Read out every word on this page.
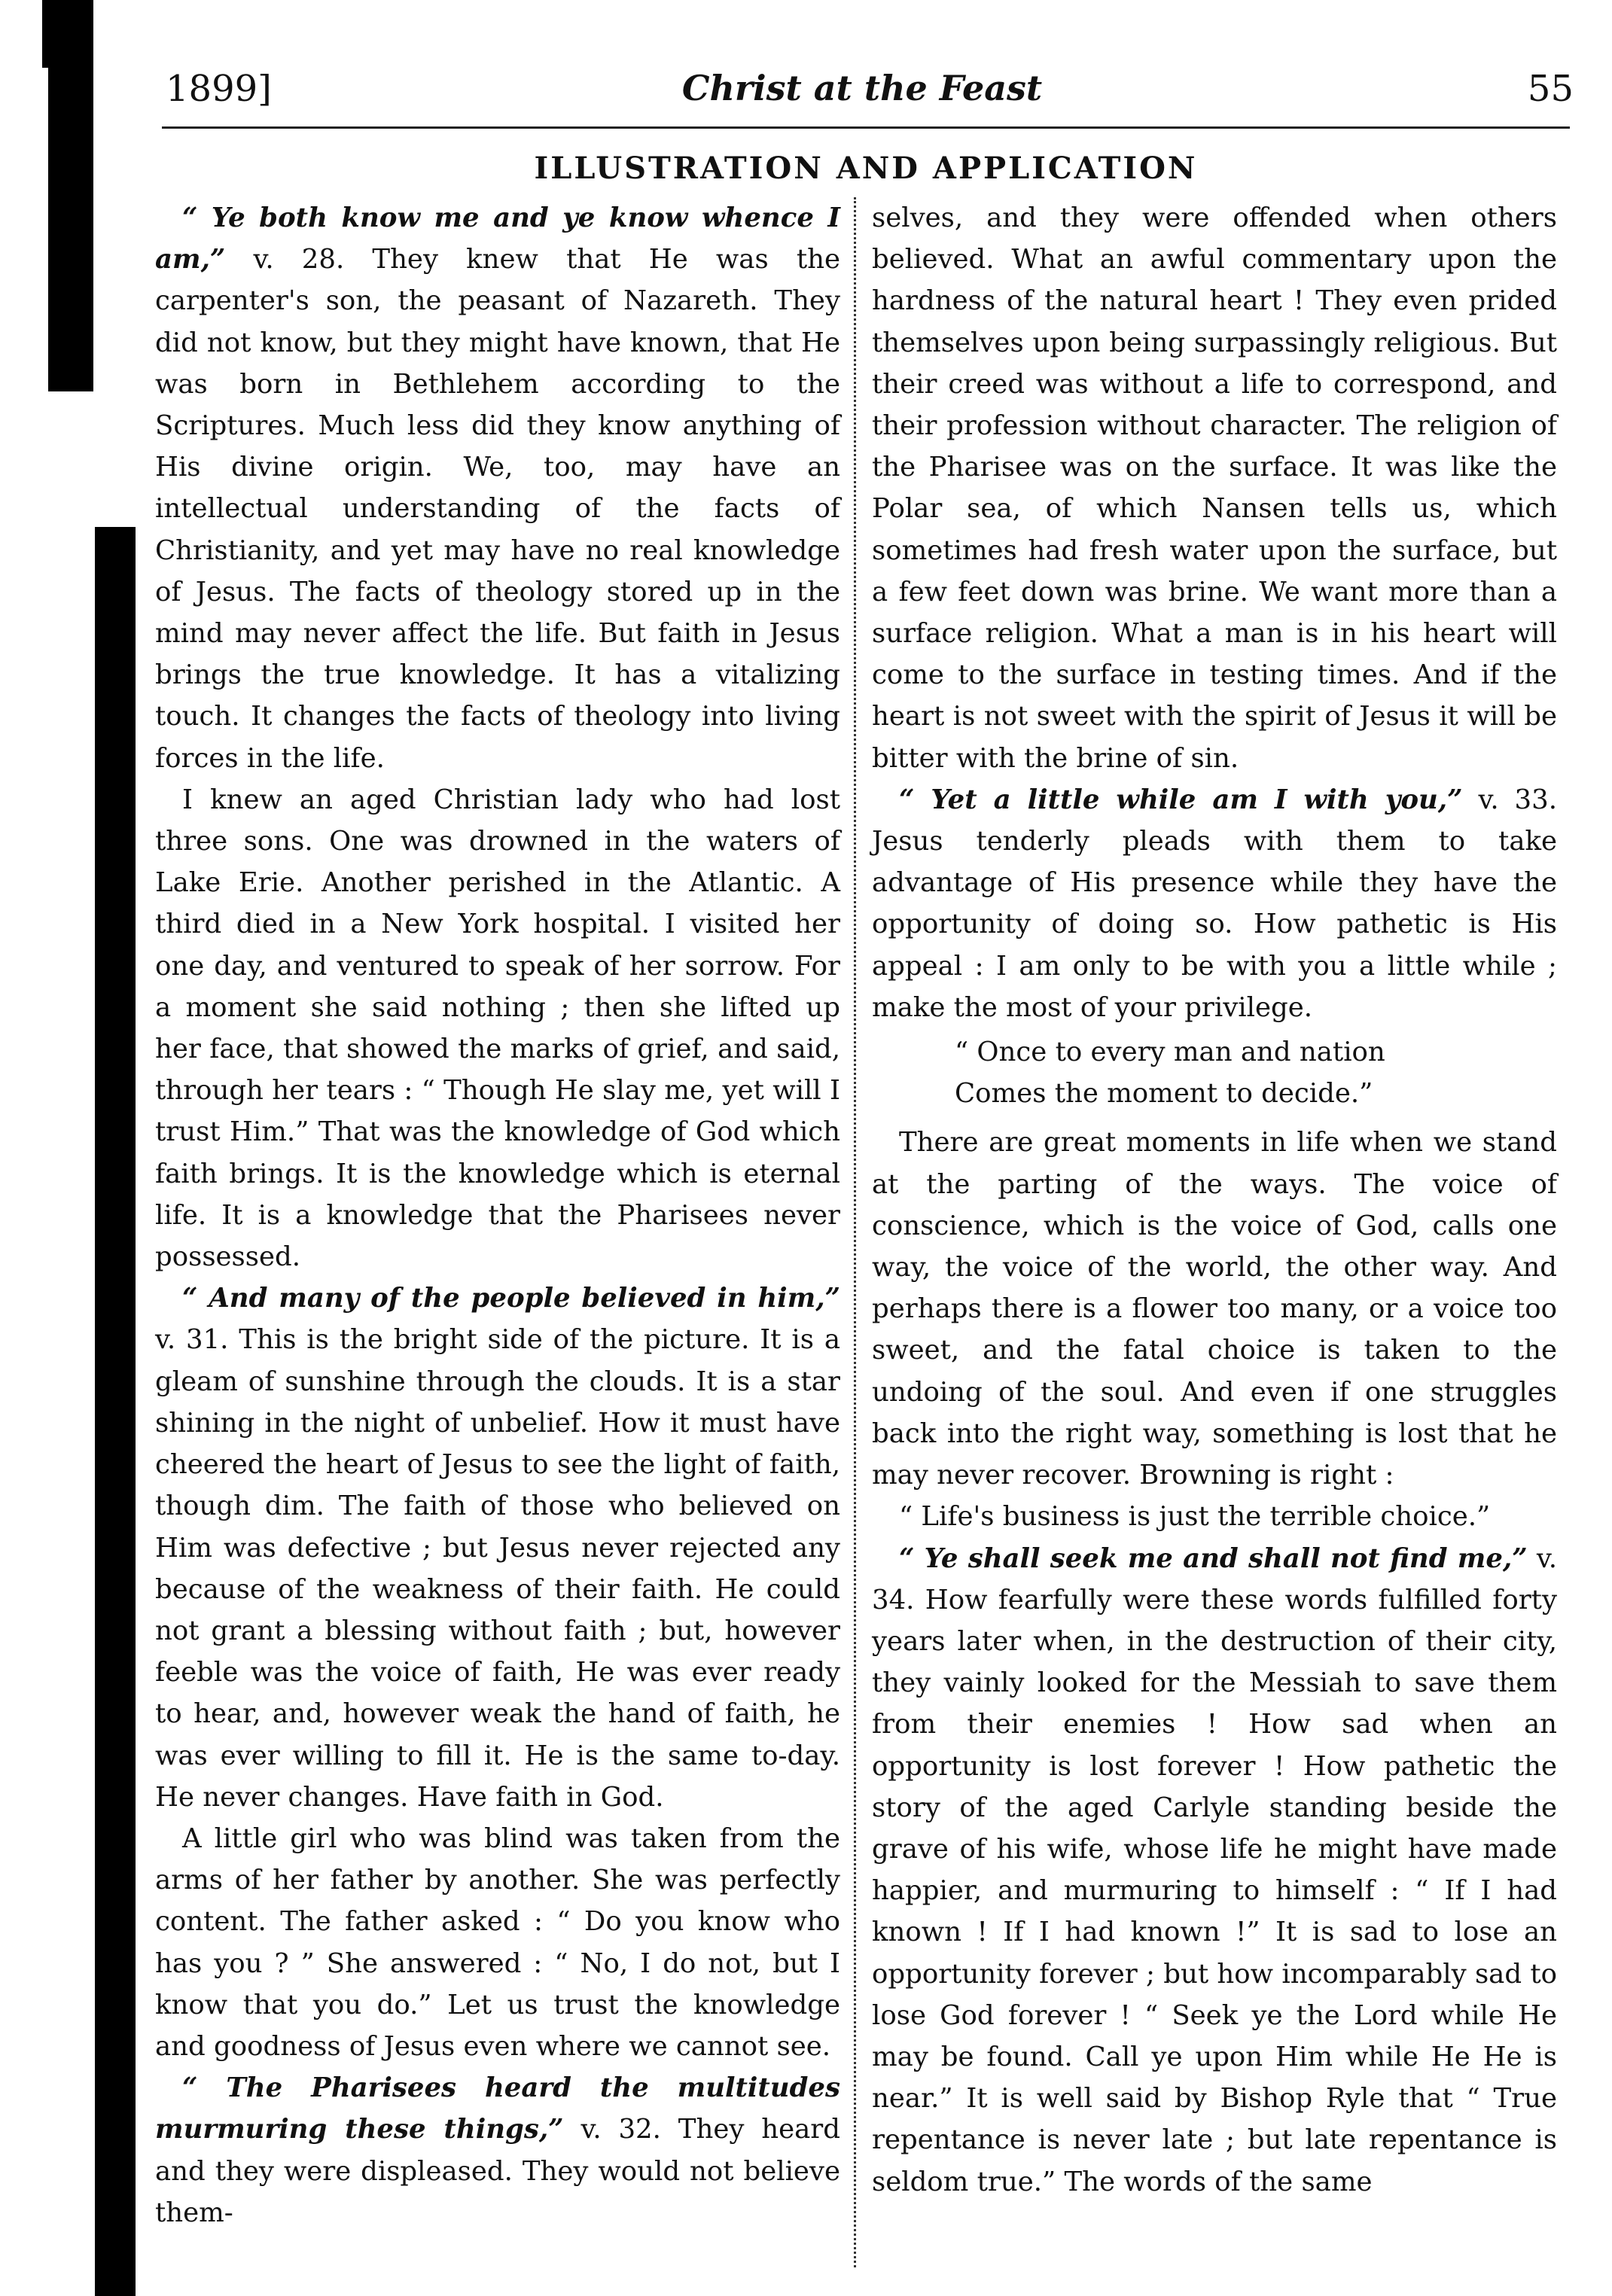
1899]	Christ at the Feast	55
ILLUSTRATION AND APPLICATION

“ Ye both know me and ye know whence I am,” v. 28. They knew that He was the carpenter's son, the peasant of Nazareth. They did not know, but they might have known, that He was born in Bethlehem according to the Scriptures. Much less did they know anything of His divine origin. We, too, may have an intellectual understanding of the facts of Christianity, and yet may have no real knowledge of Jesus. The facts of theology stored up in the mind may never affect the life. But faith in Jesus brings the true knowledge. It has a vitalizing touch. It changes the facts of theology into living forces in the life.

I knew an aged Christian lady who had lost three sons. One was drowned in the waters of Lake Erie. Another perished in the Atlantic. A third died in a New York hospital. I visited her one day, and ventured to speak of her sorrow. For a moment she said nothing ; then she lifted up her face, that showed the marks of grief, and said, through her tears : “ Though He slay me, yet will I trust Him.” That was the knowledge of God which faith brings. It is the knowledge which is eternal life. It is a knowledge that the Pharisees never possessed.

“ And many of the people believed in him,” v. 31. This is the bright side of the picture. It is a gleam of sunshine through the clouds. It is a star shining in the night of unbelief. How it must have cheered the heart of Jesus to see the light of faith, though dim. The faith of those who believed on Him was defective ; but Jesus never rejected any because of the weakness of their faith. He could not grant a blessing without faith ; but, however feeble was the voice of faith, He was ever ready to hear, and, however weak the hand of faith, he was ever willing to fill it. He is the same to-day. He never changes. Have faith in God.

A little girl who was blind was taken from the arms of her father by another. She was perfectly content. The father asked : “ Do you know who has you ? ” She answered : “ No, I do not, but I know that you do.” Let us trust the knowledge and goodness of Jesus even where we cannot see.

“ The Pharisees heard the multitudes murmuring these things,” v. 32. They heard and they were displeased. They would not believe them-

selves, and they were offended when others believed. What an awful commentary upon the hardness of the natural heart ! They even prided themselves upon being surpassingly religious. But their creed was without a life to correspond, and their profession without character. The religion of the Pharisee was on the surface. It was like the Polar sea, of which Nansen tells us, which sometimes had fresh water upon the surface, but a few feet down was brine. We want more than a surface religion. What a man is in his heart will come to the surface in testing times. And if the heart is not sweet with the spirit of Jesus it will be bitter with the brine of sin.

“ Yet a little while am I with you,” v. 33. Jesus tenderly pleads with them to take advantage of His presence while they have the opportunity of doing so. How pathetic is His appeal : I am only to be with you a little while ; make the most of your privilege.

“ Once to every man and nation
Comes the moment to decide.”

There are great moments in life when we stand at the parting of the ways. The voice of conscience, which is the voice of God, calls one way, the voice of the world, the other way. And perhaps there is a flower too many, or a voice too sweet, and the fatal choice is taken to the undoing of the soul. And even if one struggles back into the right way, something is lost that he may never recover. Browning is right :

“ Life's business is just the terrible choice.”

“ Ye shall seek me and shall not find me,” v. 34. How fearfully were these words fulfilled forty years later when, in the destruction of their city, they vainly looked for the Messiah to save them from their enemies ! How sad when an opportunity is lost forever ! How pathetic the story of the aged Carlyle standing beside the grave of his wife, whose life he might have made happier, and murmuring to himself : “ If I had known ! If I had known !” It is sad to lose an opportunity forever ; but how incomparably sad to lose God forever ! “ Seek ye the Lord while He may be found. Call ye upon Him while He He is near.” It is well said by Bishop Ryle that “ True repentance is never late ; but late repentance is seldom true.” The words of the same
